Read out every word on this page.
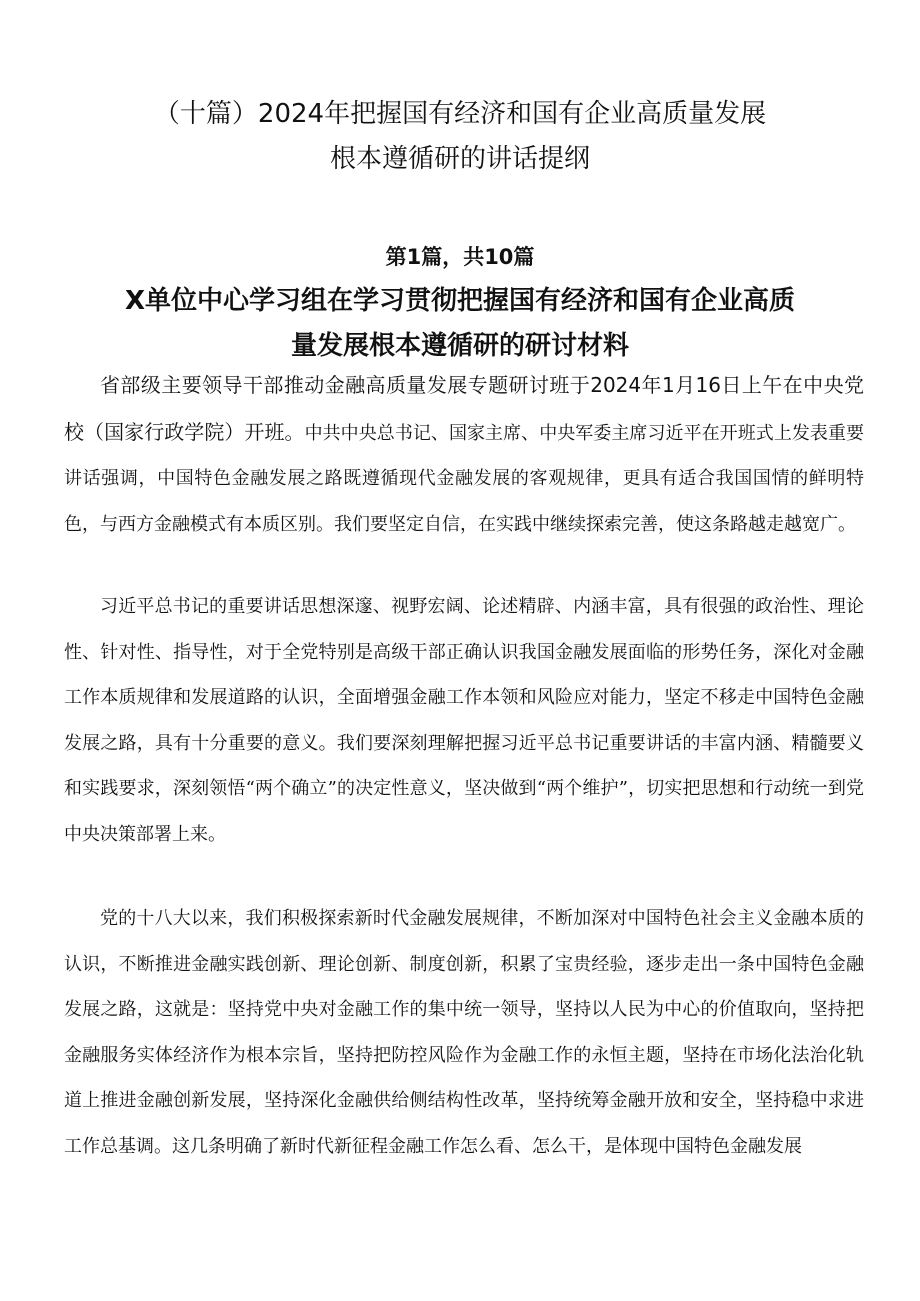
（十篇）2024年把握国有经济和国有企业高质量发展
根本遵循研的讲话提纲
第1篇，共10篇
X单位中心学习组在学习贯彻把握国有经济和国有企业高质
量发展根本遵循研的研讨材料

省部级主要领导干部推动金融高质量发展专题研讨班于2024年1月16日上午在中央党校（国家行政学院）开班。中共中央总书记、国家主席、中央军委主席习近平在开班式上发表重要讲话强调，中国特色金融发展之路既遵循现代金融发展的客观规律，更具有适合我国国情的鲜明特色，与西方金融模式有本质区别。我们要坚定自信，在实践中继续探索完善，使这条路越走越宽广。

习近平总书记的重要讲话思想深邃、视野宏阔、论述精辟、内涵丰富，具有很强的政治性、理论性、针对性、指导性，对于全党特别是高级干部正确认识我国金融发展面临的形势任务，深化对金融工作本质规律和发展道路的认识，全面增强金融工作本领和风险应对能力，坚定不移走中国特色金融发展之路，具有十分重要的意义。我们要深刻理解把握习近平总书记重要讲话的丰富内涵、精髓要义和实践要求，深刻领悟“两个确立”的决定性意义，坚决做到“两个维护”，切实把思想和行动统一到党中央决策部署上来。

党的十八大以来，我们积极探索新时代金融发展规律，不断加深对中国特色社会主义金融本质的认识，不断推进金融实践创新、理论创新、制度创新，积累了宝贵经验，逐步走出一条中国特色金融发展之路，这就是：坚持党中央对金融工作的集中统一领导，坚持以人民为中心的价值取向，坚持把金融服务实体经济作为根本宗旨，坚持把防控风险作为金融工作的永恒主题，坚持在市场化法治化轨道上推进金融创新发展，坚持深化金融供给侧结构性改革，坚持统筹金融开放和安全，坚持稳中求进工作总基调。这几条明确了新时代新征程金融工作怎么看、怎么干，是体现中国特色金融发展
